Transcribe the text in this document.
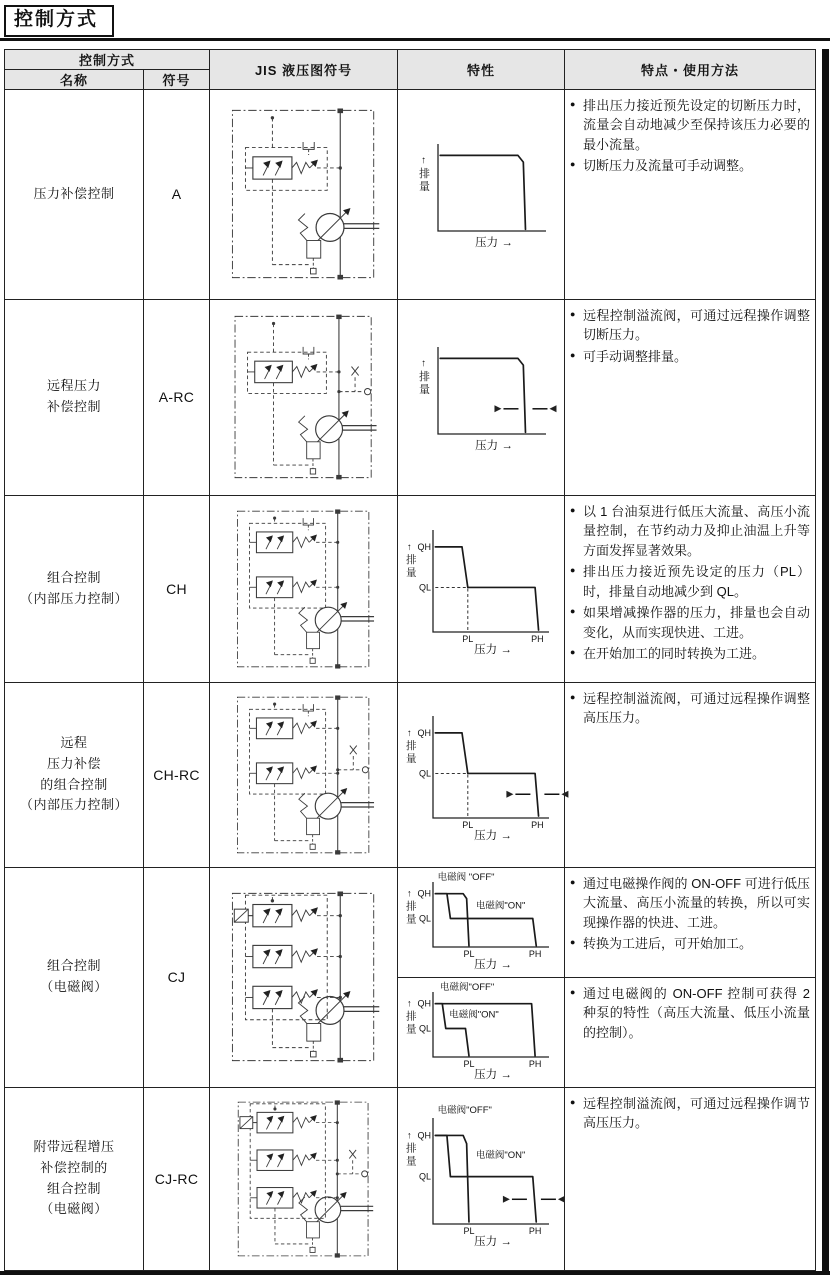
控制方式
控制方式		JIS 液压图符号	特性	特点・使用方法
名称	符号			

压力补偿控制	A	

↑
排
量
压力 →

● 排出压力接近预先设定的切断压力时，流量会自动地减少至保持该压力必要的最小流量。
● 切断压力及流量可手动调整。

远程压力
补偿控制
	A-RC	

↑
排
量
压力 →

● 远程控制溢流阀，可通过远程操作调整切断压力。
● 可手动调整排量。

组合控制
（内部压力控制）
	CH	

QH
QL
↑
排
量
PL	PH
压力 →

● 以 1 台油泵进行低压大流量、高压小流量控制，在节约动力及抑止油温上升等方面发挥显著效果。
● 排出压力接近预先设定的压力（PL）时，排量自动地减少到 QL。
● 如果增减操作器的压力，排量也会自动变化，从而实现快进、工进。
● 在开始加工的同时转换为工进。

远程
压力补偿
的组合控制
（内部压力控制）
	CH-RC	

QH
QL
↑
排
量
PL	PH
压力 →

● 远程控制溢流阀，可通过远程操作调整高压压力。

组合控制
（电磁阀）
	CJ	

电磁阀 "OFF"
电磁阀"ON"
QH
QL
↑
排
量
PL	PH
压力 →

● 通过电磁操作阀的 ON-OFF 可进行低压大流量、高压小流量的转换，所以可实现操作器的快进、工进。
● 转换为工进后，可开始加工。

电磁阀"OFF"
电磁阀"ON"
QH
QL
↑
排
量
PL	PH
压力 →

● 通过电磁阀的 ON-OFF 控制可获得 2 种泵的特性（高压大流量、低压小流量的控制）。

附带远程增压
补偿控制的
组合控制
（电磁阀）
	CJ-RC	

电磁阀"OFF"
电磁阀"ON"
QH
QL
↑
排
量
PL	PH
压力 →

● 远程控制溢流阀，可通过远程操作调节高压压力。
